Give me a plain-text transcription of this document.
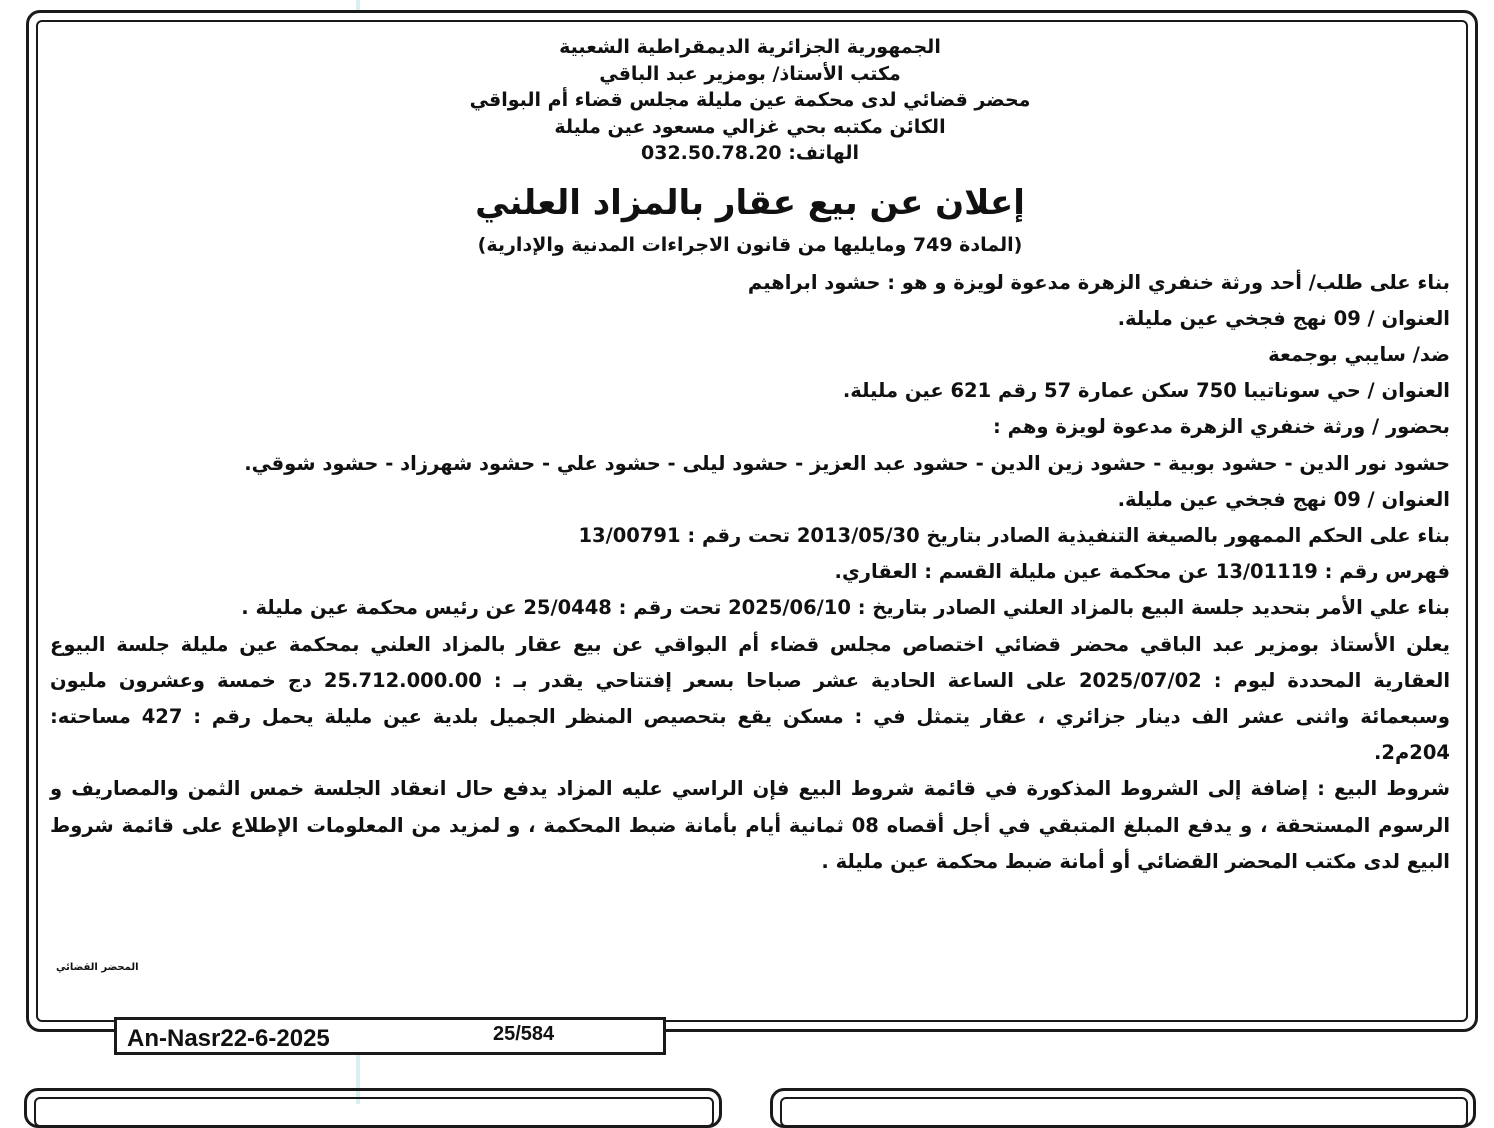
الجمهورية الجزائرية الديمقراطية الشعبية
مكتب الأستاذ/ بومزير عبد الباقي
محضر قضائي لدى محكمة عين مليلة مجلس قضاء أم البواقي
الكائن مكتبه بحي غزالي مسعود عين مليلة
الهاتف: 032.50.78.20
إعلان عن بيع عقار بالمزاد العلني
(المادة 749 ومايليها من قانون الاجراءات المدنية والإدارية)
بناء على طلب/ أحد ورثة خنفري الزهرة مدعوة لويزة و هو : حشود ابراهيم
العنوان / 09 نهج فجخي عين مليلة.
ضد/ سايبي بوجمعة
العنوان / حي سوناتيبا 750 سكن عمارة 57 رقم 621 عين مليلة.
بحضور / ورثة خنفري الزهرة مدعوة لويزة وهم :
حشود نور الدين - حشود بوبية - حشود زين الدين - حشود عبد العزيز - حشود ليلى - حشود علي - حشود شهرزاد - حشود شوقي.
العنوان / 09 نهج فجخي عين مليلة.
بناء على الحكم الممهور بالصيغة التنفيذية الصادر بتاريخ 2013/05/30 تحت رقم : 13/00791
فهرس رقم : 13/01119 عن محكمة عين مليلة القسم : العقاري.
بناء علي الأمر بتحديد جلسة البيع بالمزاد العلني الصادر بتاريخ : 2025/06/10 تحت رقم : 25/0448 عن رئيس محكمة عين مليلة .
يعلن الأستاذ بومزير عبد الباقي محضر قضائي اختصاص مجلس قضاء أم البواقي عن بيع عقار بالمزاد العلني بمحكمة عين مليلة جلسة البيوع
العقارية المحددة ليوم : 2025/07/02 على الساعة الحادية عشر صباحا بسعر إفتتاحي يقدر بـ : 25.712.000.00 دج خمسة وعشرون مليون
وسبعمائة واثنى عشر الف دينار جزائري ، عقار يتمثل في : مسكن يقع بتحصيص المنظر الجميل بلدية عين مليلة يحمل رقم : 427 مساحته:
204م2.
شروط البيع : إضافة إلى الشروط المذكورة في قائمة شروط البيع فإن الراسي عليه المزاد يدفع حال انعقاد الجلسة خمس الثمن والمصاريف و
الرسوم المستحقة ، و يدفع المبلغ المتبقي في أجل أقصاه 08 ثمانية أيام بأمانة ضبط المحكمة ، و لمزيد من المعلومات الإطلاع على قائمة شروط
البيع لدى مكتب المحضر القضائي أو أمانة ضبط محكمة عين مليلة .
المحضر القضائي
An-Nasr22-6-2025	25/584
